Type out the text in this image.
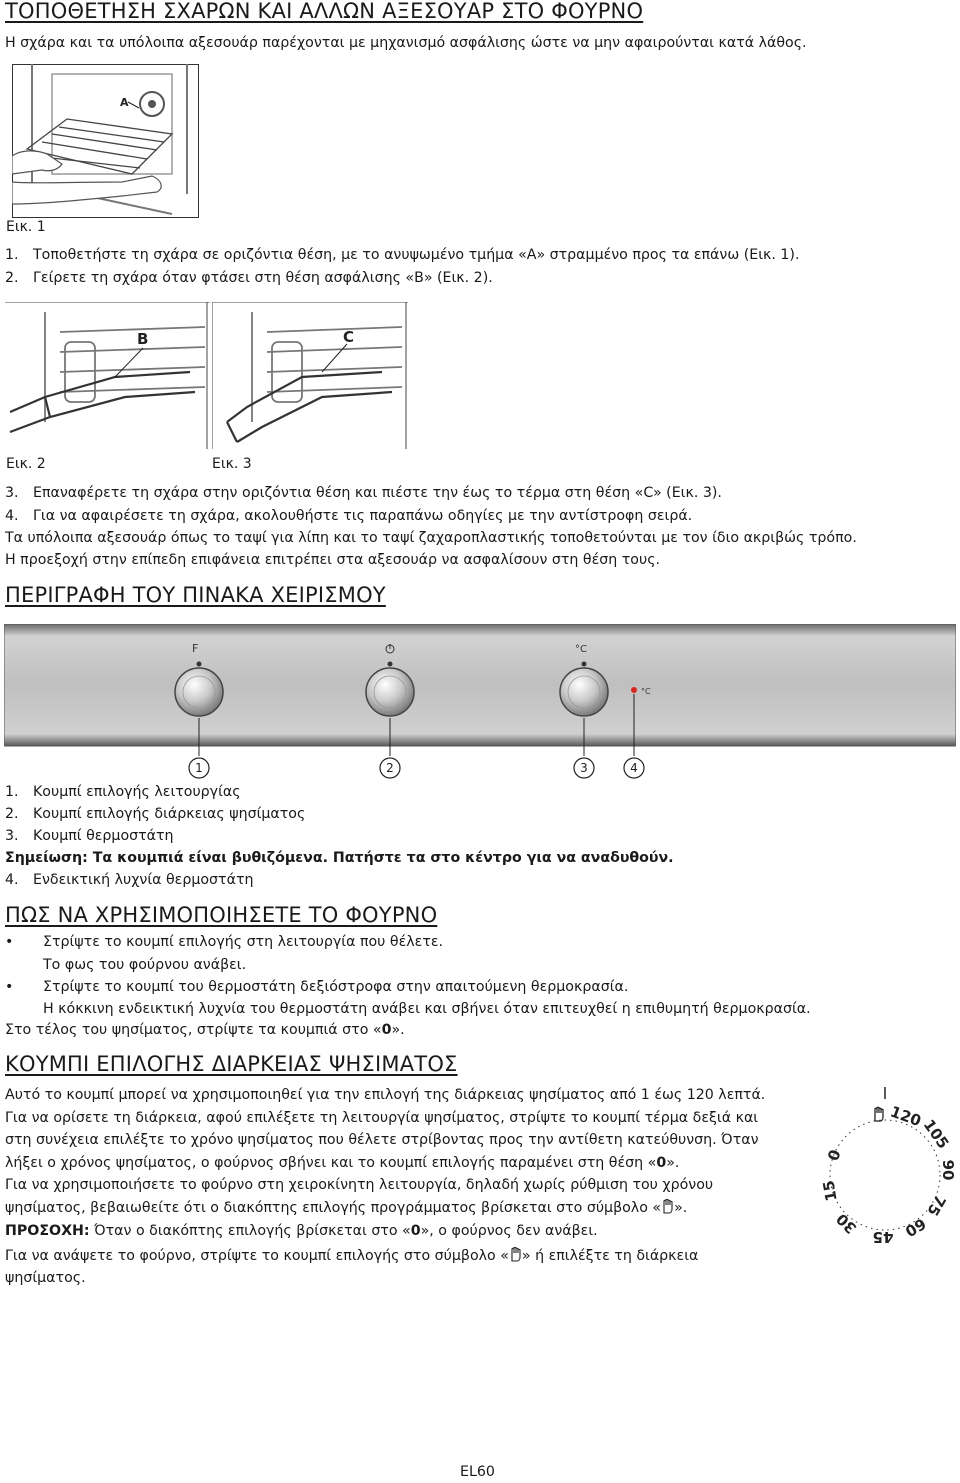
ΤΟΠΟΘΕΤΗΣΗ ΣΧΑΡΩΝ ΚΑΙ ΑΛΛΩΝ ΑΞΕΣΟΥΑΡ ΣΤΟ ΦΟΥΡΝΟ
Η σχάρα και τα υπόλοιπα αξεσουάρ παρέχονται με μηχανισμό ασφάλισης ώστε να μην αφαιρούνται κατά λάθος.
A
Εικ. 1
1. Τοποθετήστε τη σχάρα σε οριζόντια θέση, με το ανυψωμένο τμήμα «Α» στραμμένο προς τα επάνω (Εικ. 1).
2. Γείρετε τη σχάρα όταν φτάσει στη θέση ασφάλισης «Β» (Εικ. 2).
B	C
Εικ. 2	Εικ. 3
3. Επαναφέρετε τη σχάρα στην οριζόντια θέση και πιέστε την έως το τέρμα στη θέση «C» (Εικ. 3).
4. Για να αφαιρέσετε τη σχάρα, ακολουθήστε τις παραπάνω οδηγίες με την αντίστροφη σειρά.
Τα υπόλοιπα αξεσουάρ όπως το ταψί για λίπη και το ταψί ζαχαροπλαστικής τοποθετούνται με τον ίδιο ακριβώς τρόπο.
Η προεξοχή στην επίπεδη επιφάνεια επιτρέπει στα αξεσουάρ να ασφαλίσουν στη θέση τους.
ΠΕΡΙΓΡΑΦΗ ΤΟΥ ΠΙΝΑΚΑ ΧΕΙΡΙΣΜΟΥ
F	°C
°C
1	2	3	4
1. Κουμπί επιλογής λειτουργίας
2. Κουμπί επιλογής διάρκειας ψησίματος
3. Κουμπί θερμοστάτη
Σημείωση: Τα κουμπιά είναι βυθιζόμενα. Πατήστε τα στο κέντρο για να αναδυθούν.
4. Ενδεικτική λυχνία θερμοστάτη
ΠΩΣ ΝΑ ΧΡΗΣΙΜΟΠΟΙΗΣΕΤΕ ΤΟ ΦΟΥΡΝΟ
• Στρίψτε το κουμπί επιλογής στη λειτουργία που θέλετε.
Το φως του φούρνου ανάβει.
• Στρίψτε το κουμπί του θερμοστάτη δεξιόστροφα στην απαιτούμενη θερμοκρασία.
Η κόκκινη ενδεικτική λυχνία του θερμοστάτη ανάβει και σβήνει όταν επιτευχθεί η επιθυμητή θερμοκρασία.
Στο τέλος του ψησίματος, στρίψτε τα κουμπιά στο «0».
ΚΟΥΜΠΙ ΕΠΙΛΟΓΗΣ ΔΙΑΡΚΕΙΑΣ ΨΗΣΙΜΑΤΟΣ
Αυτό το κουμπί μπορεί να χρησιμοποιηθεί για την επιλογή της διάρκειας ψησίματος από 1 έως 120 λεπτά.
Για να ορίσετε τη διάρκεια, αφού επιλέξετε τη λειτουργία ψησίματος, στρίψτε το κουμπί τέρμα δεξιά και
στη συνέχεια επιλέξτε το χρόνο ψησίματος που θέλετε στρίβοντας προς την αντίθετη κατεύθυνση. Όταν
λήξει ο χρόνος ψησίματος, ο φούρνος σβήνει και το κουμπί επιλογής παραμένει στη θέση «0».
Για να χρησιμοποιήσετε το φούρνο στη χειροκίνητη λειτουργία, δηλαδή χωρίς ρύθμιση του χρόνου
ψησίματος, βεβαιωθείτε ότι ο διακόπτης επιλογής προγράμματος βρίσκεται στο σύμβολο « ».
ΠΡΟΣΟΧΗ: Όταν ο διακόπτης επιλογής βρίσκεται στο «0», ο φούρνος δεν ανάβει.
Για να ανάψετε το φούρνο, στρίψτε το κουμπί επιλογής στο σύμβολο « » ή επιλέξτε τη διάρκεια
ψησίματος.
0
15
30 45 60
75
90
105
120
EL60
